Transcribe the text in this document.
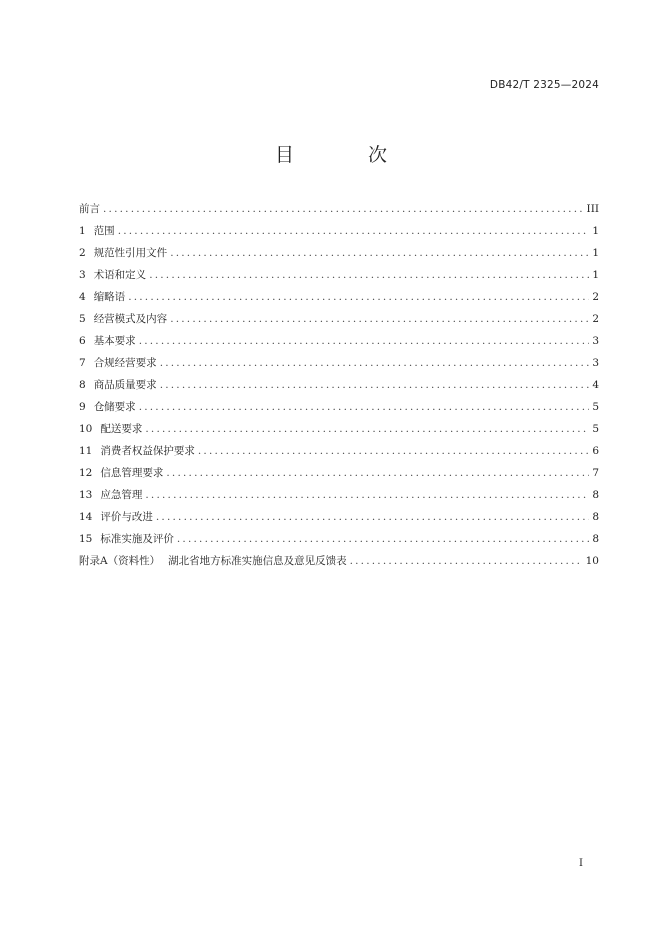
DB42/T 2325—2024
目 次
前言 .....	III
1 范围 .....	1
2 规范性引用文件 .....	1
3 术语和定义 .....	1
4 缩略语 .....	2
5 经营模式及内容 .....	2
6 基本要求 .....	3
7 合规经营要求 .....	3
8 商品质量要求 .....	4
9 仓储要求 .....	5
10 配送要求 .....	5
11 消费者权益保护要求 .....	6
12 信息管理要求 .....	7
13 应急管理 .....	8
14 评价与改进 .....	8
15 标准实施及评价 .....	8
附录A（资料性） 湖北省地方标准实施信息及意见反馈表 .....	10
I
